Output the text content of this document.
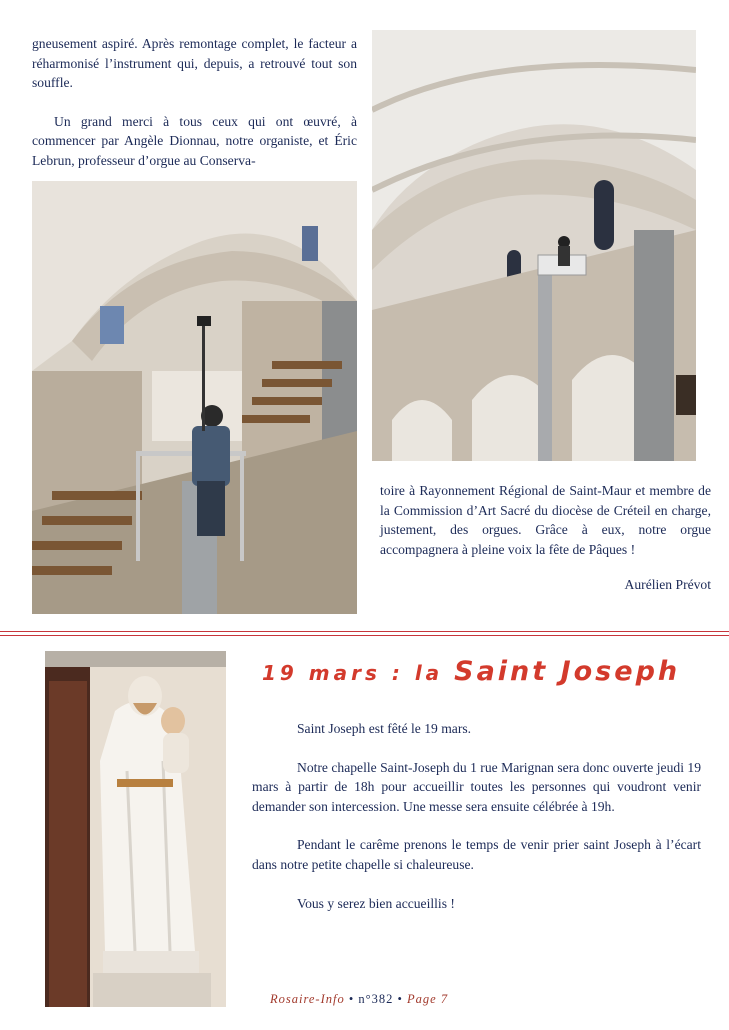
gneusement aspiré. Après remontage complet, le facteur a réharmonisé l’instrument qui, depuis, a retrouvé tout son souffle.

Un grand merci à tous ceux qui ont œuvré, à commencer par Angèle Dionnau, notre organiste, et Éric Lebrun, professeur d’orgue au Conserva-

toire à Rayonnement Régional de Saint-Maur et membre de la Commission d’Art Sacré du diocèse de Créteil en charge, justement, des orgues. Grâce à eux, notre orgue accompagnera à pleine voix la fête de Pâques !

Aurélien Prévot
19 mars : la Saint Joseph

Saint Joseph est fêté le 19 mars.

Notre chapelle Saint-Joseph du 1 rue Marignan sera donc ouverte jeudi 19 mars à partir de 18h pour accueillir toutes les personnes qui voudront venir demander son intercession. Une messe sera ensuite célébrée à 19h.

Pendant le carême prenons le temps de venir prier saint Joseph à l’écart dans notre petite chapelle si chaleureuse.

Vous y serez bien accueillis !

Rosaire-Info • n°382 • Page 7
